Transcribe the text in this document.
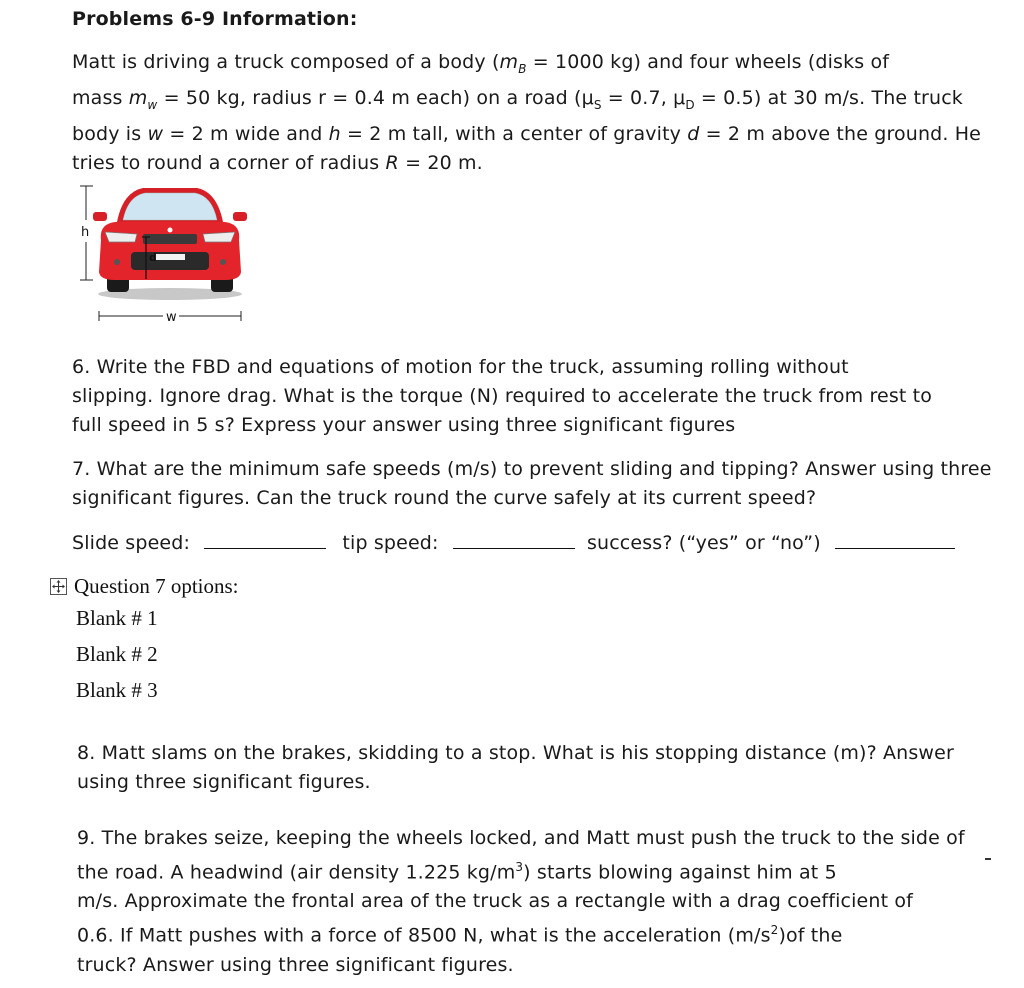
Problems 6-9 Information:
Matt is driving a truck composed of a body ($m_B = 1000$ kg) and four wheels (disks of
mass $m_w = 50$ kg, radius r = 0.4 m each) on a road ($\mu_S = 0.7$, $\mu_D = 0.5$) at 30 m/s. The truck
body is w = 2 m wide and h = 2 m tall, with a center of gravity d = 2 m above the ground. He
tries to round a corner of radius R = 20 m.
h
d
w
6. Write the FBD and equations of motion for the truck, assuming rolling without
slipping. Ignore drag. What is the torque (N) required to accelerate the truck from rest to
full speed in 5 s? Express your answer using three significant figures
7. What are the minimum safe speeds (m/s) to prevent sliding and tipping? Answer using three
significant figures. Can the truck round the curve safely at its current speed?
Slide speed:	tip speed:	success? (“yes” or “no”)
Question 7 options:
Blank # 1
Blank # 2
Blank # 3
8. Matt slams on the brakes, skidding to a stop. What is his stopping distance (m)? Answer
using three significant figures.
9. The brakes seize, keeping the wheels locked, and Matt must push the truck to the side of
the road. A headwind (air density 1.225 $kg/m^3$) starts blowing against him at 5
m/s. Approximate the frontal area of the truck as a rectangle with a drag coefficient of
0.6. If Matt pushes with a force of 8500 N, what is the acceleration $(m/s^2)of$ the
truck? Answer using three significant figures.
